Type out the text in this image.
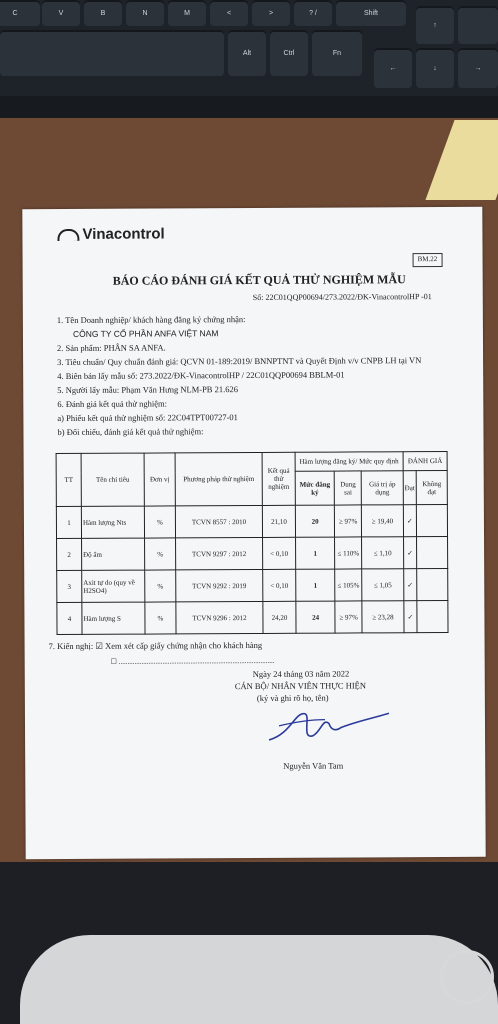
C	V	B	N	M	<	>	? /	Shift
Alt	Ctrl	Fn
←	↓	→
↑
Vinacontrol
BM.22
BÁO CÁO ĐÁNH GIÁ KẾT QUẢ THỬ NGHIỆM MẪU
Số: 22C01QQP00694/273.2022/ĐK-VinacontrolHP -01
1. Tên Doanh nghiệp/ khách hàng đăng ký chứng nhận:
CÔNG TY CỔ PHẦN ANFA VIỆT NAM
2. Sản phẩm: PHÂN SA ANFA.
3. Tiêu chuẩn/ Quy chuẩn đánh giá: QCVN 01-189:2019/ BNNPTNT và Quyết Định v/v CNPB LH tại VN
4. Biên bản lấy mẫu số: 273.2022/ĐK-VinacontrolHP / 22C01QQP00694 BBLM-01
5. Người lấy mẫu: Phạm Văn Hưng NLM-PB 21.626
6. Đánh giá kết quả thử nghiệm:
a) Phiếu kết quả thử nghiệm số: 22C04TPT00727-01
b) Đối chiếu, đánh giá kết quả thử nghiệm:
TT	Tên chỉ tiêu	Đơn vị	Phương pháp thử nghiệm	Kết quả thử nghiệm	Hàm lượng đăng ký/ Mức quy định			ĐÁNH GIÁ	
					Mức đăng ký	Dung sai	Giá trị áp dụng	Đạt	Không đạt
1	Hàm lượng Nts	%	TCVN 8557 : 2010	21,10	20	≥ 97%	≥ 19,40	✓	
2	Độ ẩm	%	TCVN 9297 : 2012	< 0,10	1	≤ 110%	≤ 1,10	✓	
3	Axit tự do (quy về H2SO4)	%	TCVN 9292 : 2019	< 0,10	1	≤ 105%	≤ 1,05	✓	
4	Hàm lượng S	%	TCVN 9296 : 2012	24,20	24	≥ 97%	≥ 23,28	✓	
7. Kiến nghị: ☑ Xem xét cấp giấy chứng nhận cho khách hàng
☐ .........................................................................................
Ngày 24 tháng 03 năm 2022
CÁN BỘ/ NHÂN VIÊN THỰC HIỆN
(ký và ghi rõ họ, tên)
Nguyễn Văn Tam
